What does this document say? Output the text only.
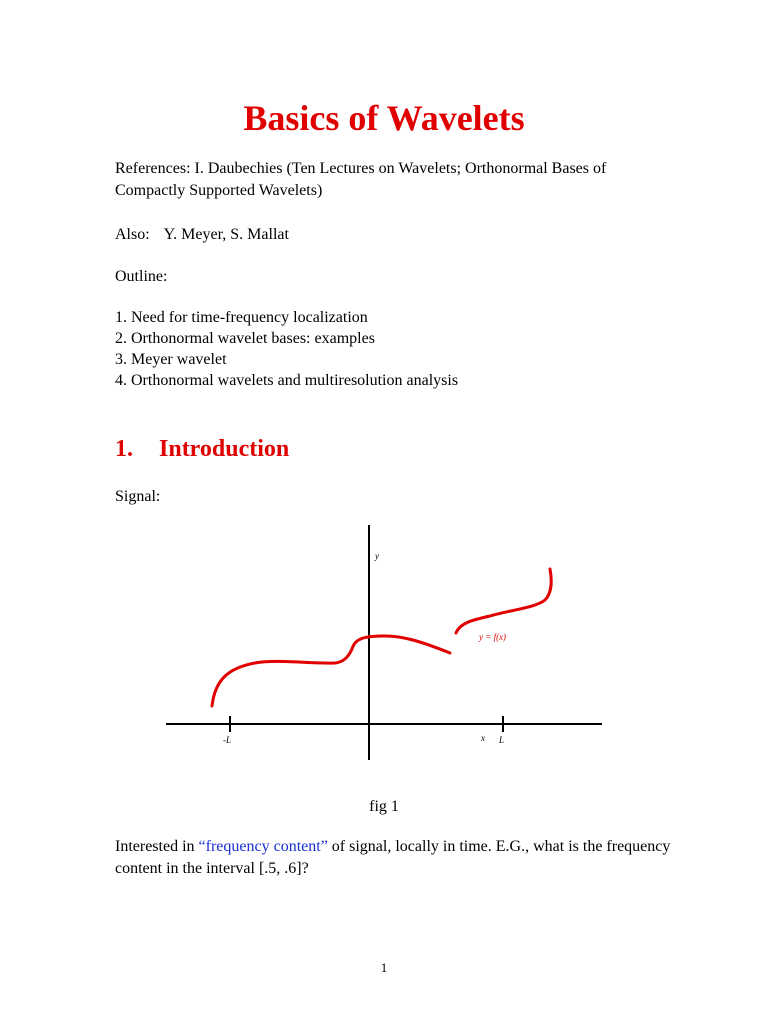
Basics of Wavelets

References: I. Daubechies (Ten Lectures on Wavelets; Orthonormal Bases of Compactly Supported Wavelets)

Also: Y. Meyer, S. Mallat

Outline:

1. Need for time-frequency localization
2. Orthonormal wavelet bases: examples
3. Meyer wavelet
4. Orthonormal wavelets and multiresolution analysis
1. Introduction

Signal:

y
x
-L	L
y = f(x)
fig 1

Interested in “frequency content” of signal, locally in time. E.G., what is the frequency content in the interval [.5, .6]?

1
